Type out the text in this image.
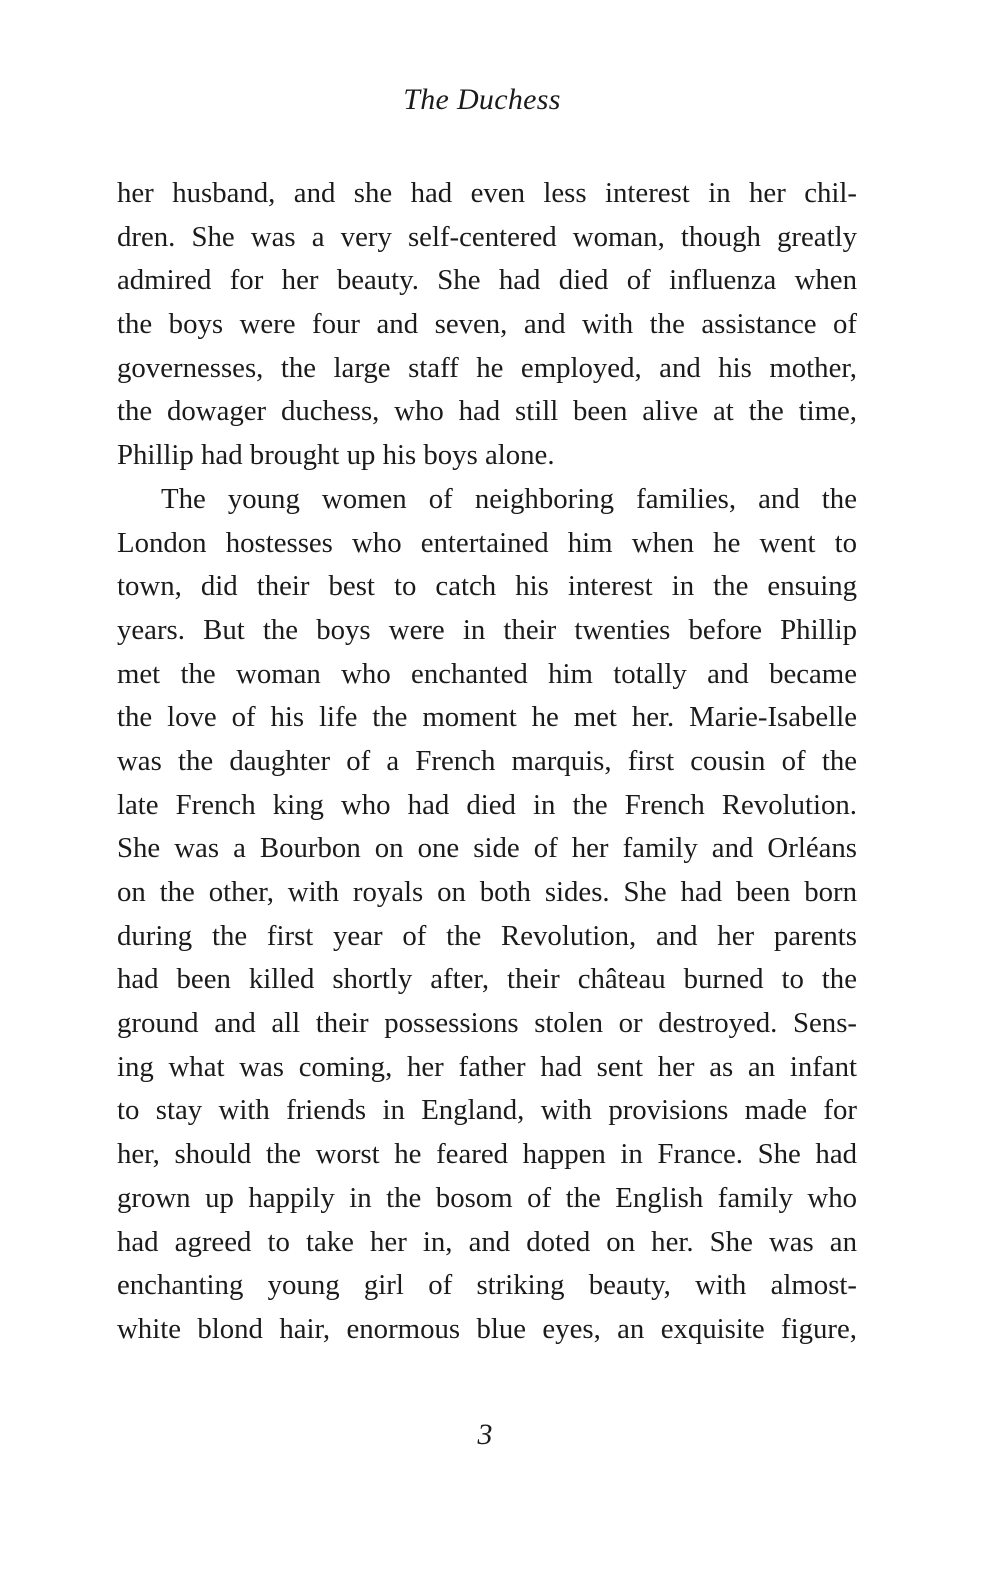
The Duchess
her husband, and she had even less interest in her chil-
dren. She was a very self-centered woman, though greatly
admired for her beauty. She had died of influenza when
the boys were four and seven, and with the assistance of
governesses, the large staff he employed, and his mother,
the dowager duchess, who had still been alive at the time,
Phillip had brought up his boys alone.
The young women of neighboring families, and the
London hostesses who entertained him when he went to
town, did their best to catch his interest in the ensuing
years. But the boys were in their twenties before Phillip
met the woman who enchanted him totally and became
the love of his life the moment he met her. Marie-Isabelle
was the daughter of a French marquis, first cousin of the
late French king who had died in the French Revolution.
She was a Bourbon on one side of her family and Orléans
on the other, with royals on both sides. She had been born
during the first year of the Revolution, and her parents
had been killed shortly after, their château burned to the
ground and all their possessions stolen or destroyed. Sens-
ing what was coming, her father had sent her as an infant
to stay with friends in England, with provisions made for
her, should the worst he feared happen in France. She had
grown up happily in the bosom of the English family who
had agreed to take her in, and doted on her. She was an
enchanting young girl of striking beauty, with almost-
white blond hair, enormous blue eyes, an exquisite figure,
3
